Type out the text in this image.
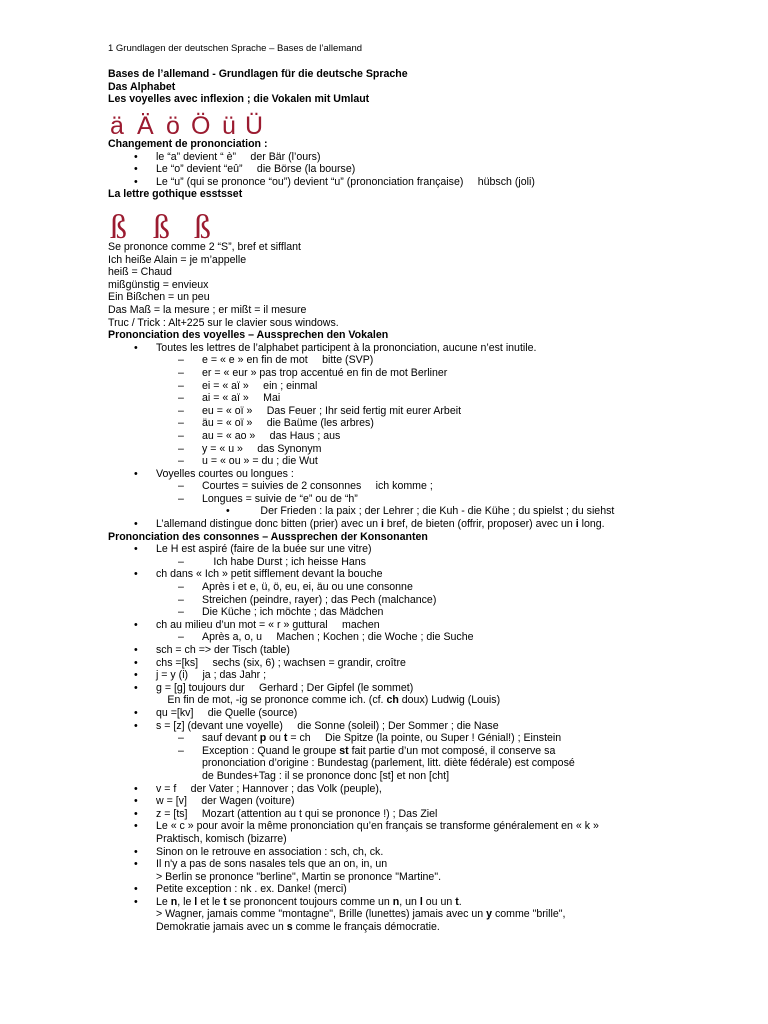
1 Grundlagen der deutschen Sprache – Bases de l’allemand
Bases de l’allemand - Grundlagen für die deutsche Sprache
Das Alphabet
Les voyelles avec inflexion ; die Vokalen mit Umlaut
ä Ä ö Ö ü Ü
Changement de prononciation :
• le “a” devient “ è”  der Bär (l’ours)
• Le “o” devient “eû”  die Börse (la bourse)
• Le “u” (qui se prononce “ou”) devient “u” (prononciation française)  hübsch (joli)
La lettre gothique esstsset
ß ß ß
Se prononce comme 2 “S”, bref et sifflant
Ich heiße Alain = je m’appelle
heiß = Chaud
mißgünstig = envieux
Ein Bißchen = un peu
Das Maß = la mesure ; er mißt = il mesure
Truc / Trick : Alt+225 sur le clavier sous windows.
Prononciation des voyelles – Aussprechen den Vokalen
• Toutes les lettres de l’alphabet participent à la prononciation, aucune n’est inutile.
– e = « e » en fin de mot  bitte (SVP)
– er = « eur » pas trop accentué en fin de mot Berliner
– ei = « aï »  ein ; einmal
– ai = « aï »  Mai
– eu = « oï »  Das Feuer ; Ihr seid fertig mit eurer Arbeit
– äu = « oï »  die Baüme (les arbres)
– au = « ao »  das Haus ; aus
– y = « u »  das Synonym
– u = « ou » = du ; die Wut
• Voyelles courtes ou longues :
– Courtes = suivies de 2 consonnes  ich komme ;
– Longues = suivie de “e” ou de “h”
•  Der Frieden : la paix ; der Lehrer ; die Kuh - die Kühe ; du spielst ; du siehst
• L’allemand distingue donc bitten (prier) avec un i bref, de bieten (offrir, proposer) avec un i long.
Prononciation des consonnes – Aussprechen der Konsonanten
• Le H est aspiré (faire de la buée sur une vitre)
–  Ich habe Durst ; ich heisse Hans
• ch dans « Ich » petit sifflement devant la bouche
– Après i et e, ü, ö, eu, ei, äu ou une consonne
– Streichen (peindre, rayer) ; das Pech (malchance)
– Die Küche ; ich möchte ; das Mädchen
• ch au milieu d’un mot = « r » guttural  machen
– Après a, o, u  Machen ; Kochen ; die Woche ; die Suche
• sch = ch => der Tisch (table)
• chs =[ks]  sechs (six, 6) ; wachsen = grandir, croître
• j = y (i)  ja ; das Jahr ;
• g = [g] toujours dur  Gerhard ; Der Gipfel (le sommet)
 En fin de mot, -ig se prononce comme ich. (cf. ch doux) Ludwig (Louis)
• qu =[kv]  die Quelle (source)
• s = [z] (devant une voyelle)  die Sonne (soleil) ; Der Sommer ; die Nase
– sauf devant p ou t = ch  Die Spitze (la pointe, ou Super ! Génial!) ; Einstein
– Exception : Quand le groupe st fait partie d’un mot composé, il conserve sa prononciation d’origine : Bundestag (parlement, litt. diète fédérale) est composé de Bundes+Tag : il se prononce donc [st] et non [cht]
• v = f  der Vater ; Hannover ; das Volk (peuple),
• w = [v]  der Wagen (voiture)
• z = [ts]  Mozart (attention au t qui se prononce !) ; Das Ziel
• Le « c » pour avoir la même prononciation qu’en français se transforme généralement en « k »  Praktisch, komisch (bizarre)
• Sinon on le retrouve en association : sch, ch, ck.
• Il n'y a pas de sons nasales tels que an on, in, un
> Berlin se prononce "berline", Martin se prononce "Martine".
• Petite exception : nk . ex. Danke! (merci)
• Le n, le l et le t se prononcent toujours comme un n, un l ou un t.
> Wagner, jamais comme "montagne", Brille (lunettes) jamais avec un y comme "brille",
Demokratie jamais avec un s comme le français démocratie.
